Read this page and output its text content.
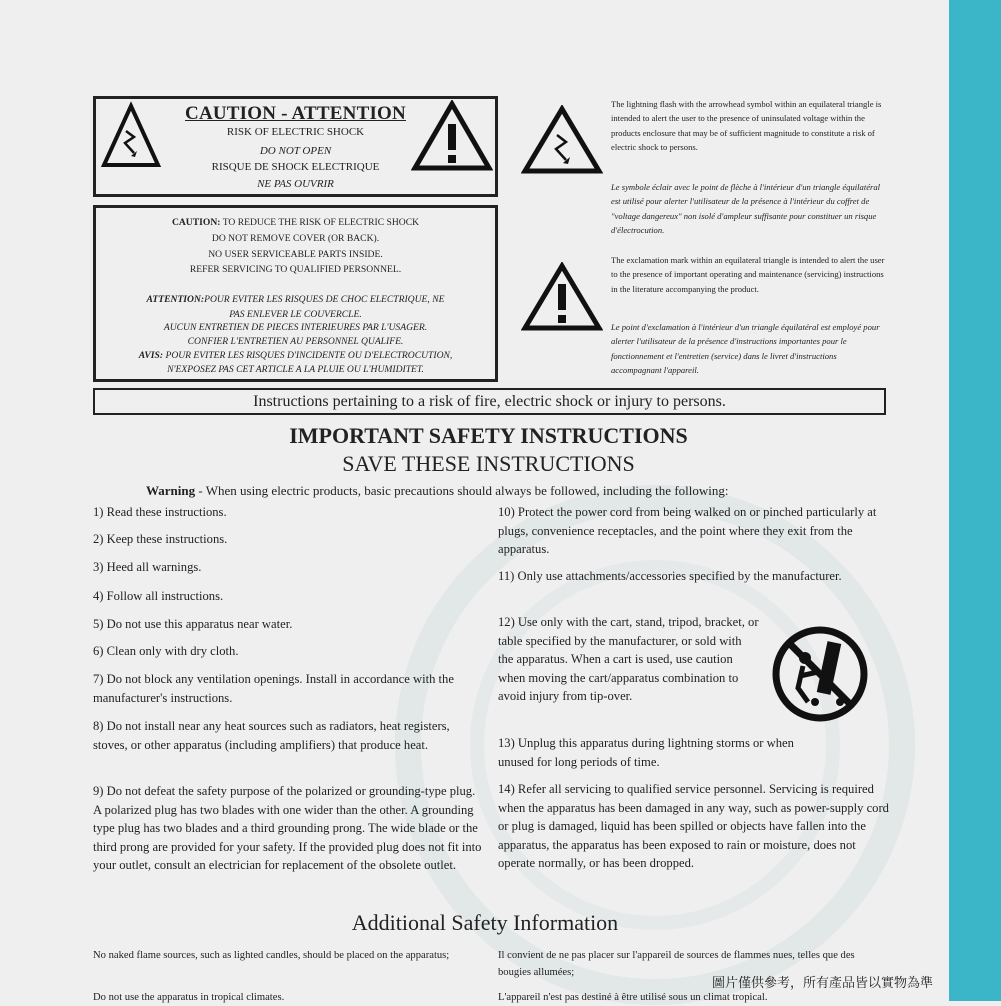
CAUTION - ATTENTION
RISK OF ELECTRIC SHOCK
DO NOT OPEN
RISQUE DE SHOCK ELECTRIQUE
NE PAS OUVRIR
CAUTION: TO REDUCE THE RISK OF ELECTRIC SHOCK
DO NOT REMOVE COVER (OR BACK).
NO USER SERVICEABLE PARTS INSIDE.
REFER SERVICING TO QUALIFIED PERSONNEL.
ATTENTION:POUR EVITER LES RISQUES DE CHOC ELECTRIQUE, NE
PAS ENLEVER LE COUVERCLE.
AUCUN ENTRETIEN DE PIECES INTERIEURES PAR L'USAGER.
CONFIER L'ENTRETIEN AU PERSONNEL QUALIFE.
AVIS: POUR EVITER LES RISQUES D'INCIDENTE OU D'ELECTROCUTION,
N'EXPOSEZ PAS CET ARTICLE A LA PLUIE OU L'HUMIDITET.
The lightning flash with the arrowhead symbol within an equilateral triangle is intended to alert the user to the presence of uninsulated voltage within the products enclosure that may be of sufficient magnitude to constitute a risk of electric shock to persons.
Le symbole éclair avec le point de flèche à l'intérieur d'un triangle équilatéral est utilisé pour alerter l'utilisateur de la présence à l'intérieur du coffret de "voltage dangereux" non isolé d'ampleur suffisante pour constituer un risque d'électrocution.
The exclamation mark within an equilateral triangle is intended to alert the user to the presence of important operating and maintenance (servicing) instructions in the literature accompanying the product.
Le point d'exclamation à l'intérieur d'un triangle équilatéral est employé pour alerter l'utilisateur de la présence d'instructions importantes pour le fonctionnement et l'entretien (service) dans le livret d'instructions accompagnant l'appareil.
Instructions pertaining to a risk of fire, electric shock or injury to persons.
IMPORTANT SAFETY INSTRUCTIONS
SAVE THESE INSTRUCTIONS
Warning - When using electric products, basic precautions should always be followed, including the following:
1) Read these instructions.
2) Keep these instructions.
3) Heed all warnings.
4) Follow all instructions.
5) Do not use this apparatus near water.
6) Clean only with dry cloth.
7) Do not block any ventilation openings. Install in accordance with the manufacturer's instructions.
8) Do not install near any heat sources such as radiators, heat registers, stoves, or other apparatus (including amplifiers) that produce heat.
9) Do not defeat the safety purpose of the polarized or grounding-type plug. A polarized plug has two blades with one wider than the other. A grounding type plug has two blades and a third grounding prong. The wide blade or the third prong are provided for your safety. If the provided plug does not fit into your outlet, consult an electrician for replacement of the obsolete outlet.
10) Protect the power cord from being walked on or pinched particularly at plugs, convenience receptacles, and the point where they exit from the apparatus.
11) Only use attachments/accessories specified by the manufacturer.
12) Use only with the cart, stand, tripod, bracket, or table specified by the manufacturer, or sold with the apparatus. When a cart is used, use caution when moving the cart/apparatus combination to avoid injury from tip-over.
13) Unplug this apparatus during lightning storms or when unused for long periods of time.
14) Refer all servicing to qualified service personnel. Servicing is required when the apparatus has been damaged in any way, such as power-supply cord or plug is damaged, liquid has been spilled or objects have fallen into the apparatus, the apparatus has been exposed to rain or moisture, does not operate normally, or has been dropped.
Additional Safety Information
No naked flame sources, such as lighted candles, should be placed on the apparatus;
Do not use the apparatus in tropical climates.
Il convient de ne pas placer sur l'appareil de sources de flammes nues, telles que des bougies allumées;
L'appareil n'est pas destiné à être utilisé sous un climat tropical.
圖片僅供參考，所有產品皆以實物為準
